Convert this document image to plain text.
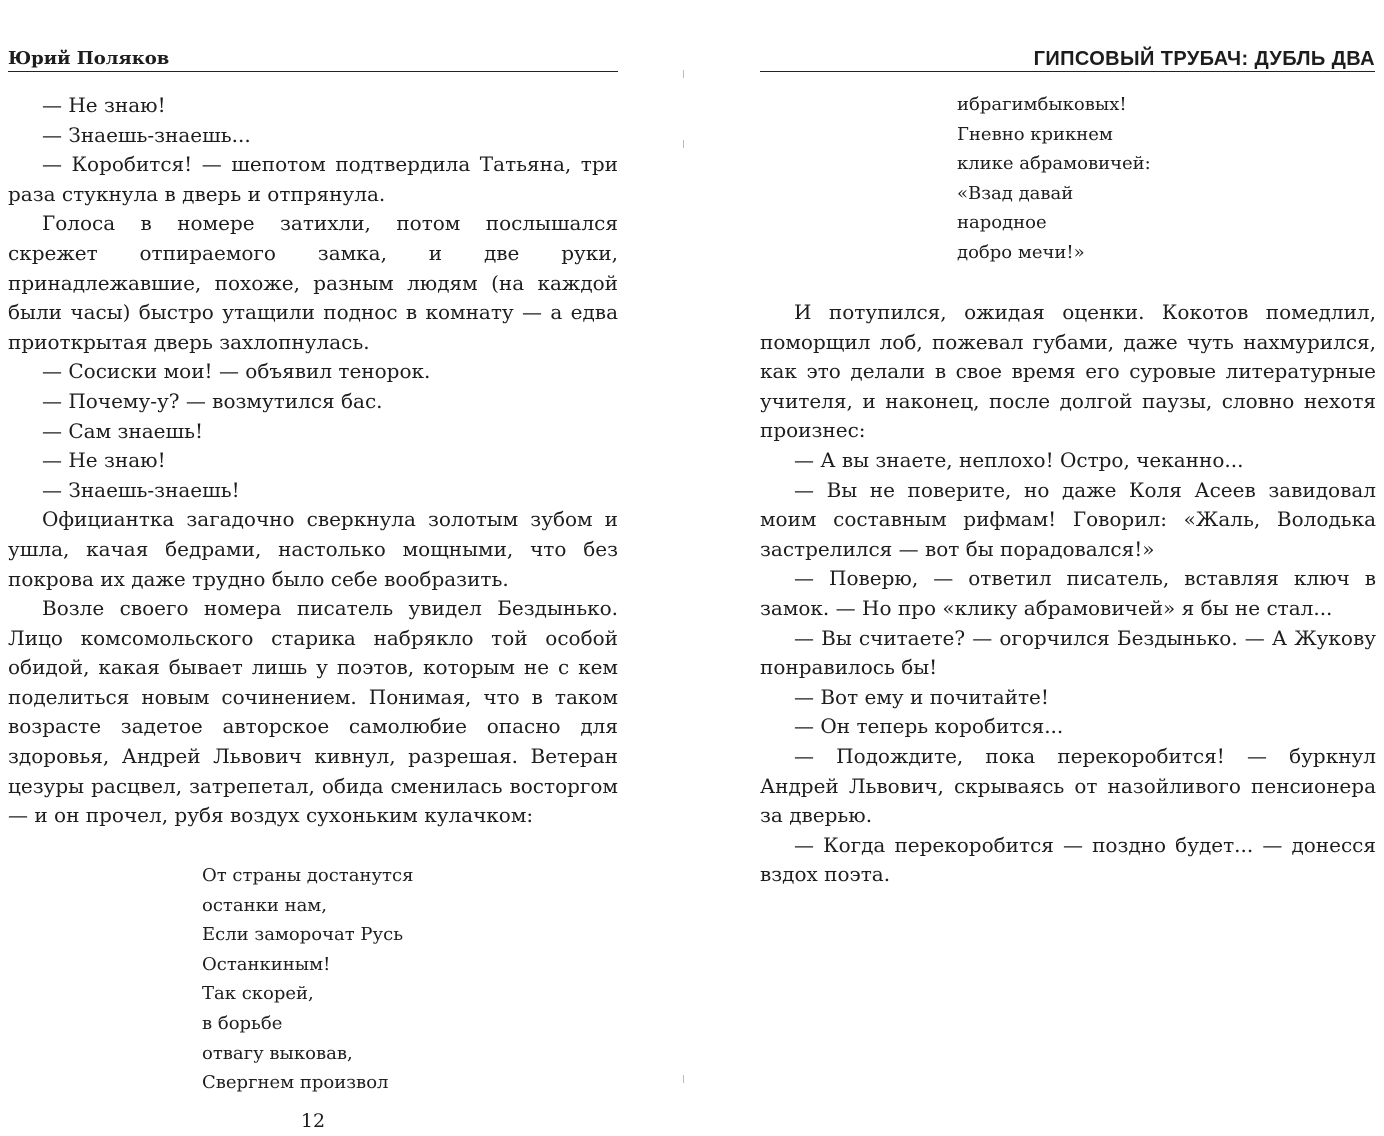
Юрий Поляков

— Не знаю!

— Знаешь-знаешь...

— Коробится! — шепотом подтвердила Татьяна, три раза стукнула в дверь и отпрянула.

Голоса в номере затихли, потом послышался скрежет отпираемого замка, и две руки, принадлежавшие, похоже, разным людям (на каждой были часы) быстро утащили поднос в комнату — а едва приоткрытая дверь захлопнулась.

— Сосиски мои! — объявил тенорок.

— Почему-у? — возмутился бас.

— Сам знаешь!

— Не знаю!

— Знаешь-знаешь!

Официантка загадочно сверкнула золотым зубом и ушла, качая бедрами, настолько мощными, что без покрова их даже трудно было себе вообразить.

Возле своего номера писатель увидел Бездынько. Лицо комсомольского старика набрякло той особой обидой, какая бывает лишь у поэтов, которым не с кем поделиться новым сочинением. Понимая, что в таком возрасте задетое авторское самолюбие опасно для здоровья, Андрей Львович кивнул, разрешая. Ветеран цезуры расцвел, затрепетал, обида сменилась восторгом — и он прочел, рубя воздух сухоньким кулачком:

От страны достанутся
останки нам,
Если заморочат Русь
Останкиным!
Так скорей,
в борьбе
отвагу выковав,
Свергнем произвол
12
ГИПСОВЫЙ ТРУБАЧ: ДУБЛЬ ДВА
ибрагимбыковых!
Гневно крикнем
клике абрамовичей:
«Взад давай
народное
добро мечи!»

И потупился, ожидая оценки. Кокотов помедлил, поморщил лоб, пожевал губами, даже чуть нахмурился, как это делали в свое время его суровые литературные учителя, и наконец, после долгой паузы, словно нехотя произнес:

— А вы знаете, неплохо! Остро, чеканно...

— Вы не поверите, но даже Коля Асеев завидовал моим составным рифмам! Говорил: «Жаль, Володька застрелился — вот бы порадовался!»

— Поверю, — ответил писатель, вставляя ключ в замок. — Но про «клику абрамовичей» я бы не стал...

— Вы считаете? — огорчился Бездынько. — А Жукову понравилось бы!

— Вот ему и почитайте!

— Он теперь коробится...

— Подождите, пока перекоробится! — буркнул Андрей Львович, скрываясь от назойливого пенсионера за дверью.

— Когда перекоробится — поздно будет... — донесся вздох поэта.
